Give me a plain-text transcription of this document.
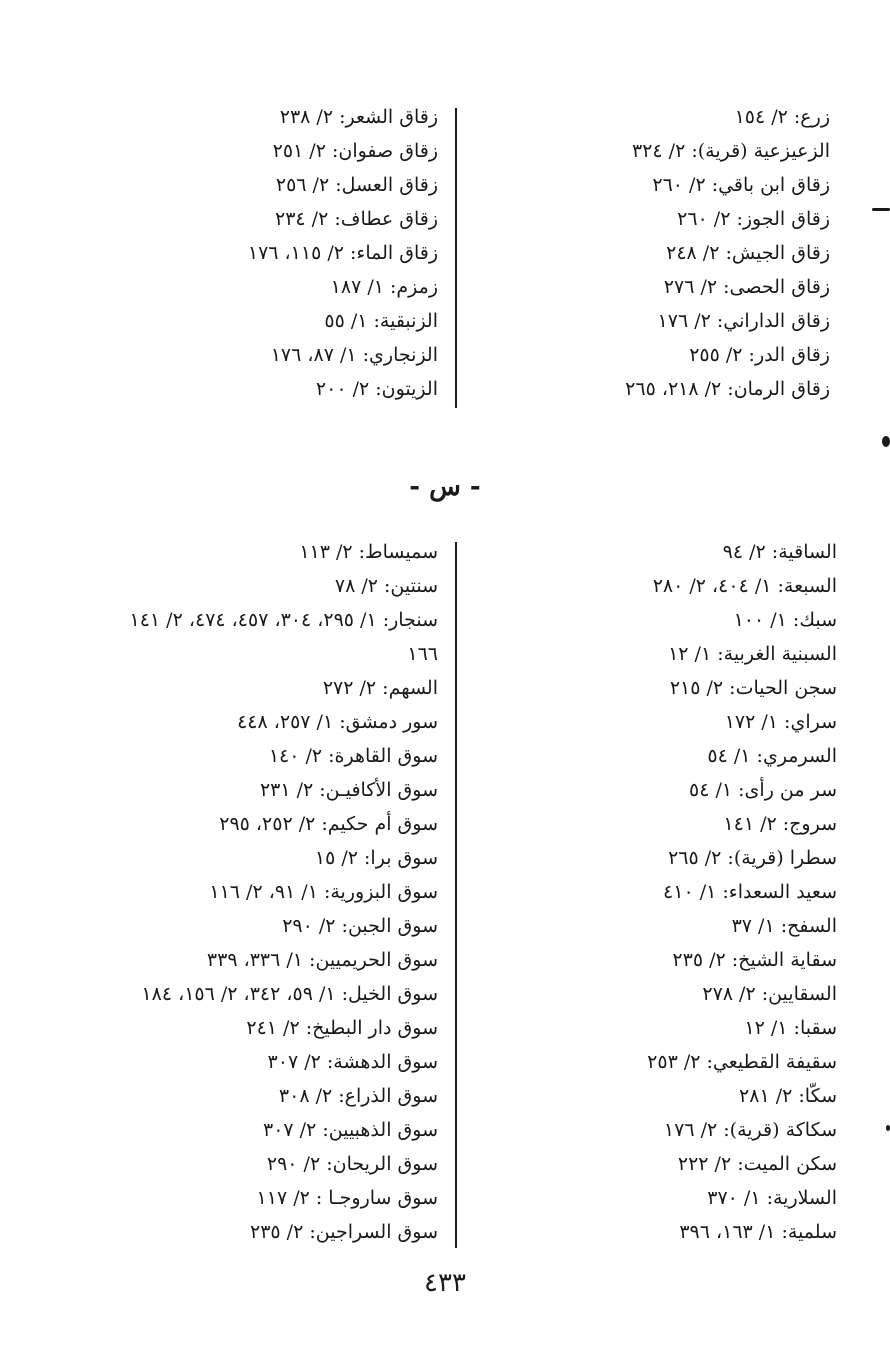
زرع: ٢/ ١٥٤
الزعيزعية (قرية): ٢/ ٣٢٤
زقاق ابن باقي: ٢/ ٢٦٠
زقاق الجوز: ٢/ ٢٦٠
زقاق الجيش: ٢/ ٢٤٨
زقاق الحصى: ٢/ ٢٧٦
زقاق الداراني: ٢/ ١٧٦
زقاق الدر: ٢/ ٢٥٥
زقاق الرمان: ٢/ ٢١٨، ٢٦٥
زقاق الشعر: ٢/ ٢٣٨
زقاق صفوان: ٢/ ٢٥١
زقاق العسل: ٢/ ٢٥٦
زقاق عطاف: ٢/ ٢٣٤
زقاق الماء: ٢/ ١١٥، ١٧٦
زمزم: ١/ ١٨٧
الزنبقية: ١/ ٥٥
الزنجاري: ١/ ٨٧، ١٧٦
الزيتون: ٢/ ٢٠٠
- س -
الساقية: ٢/ ٩٤
السبعة: ١/ ٤٠٤، ٢/ ٢٨٠
سبك: ١/ ١٠٠
السبنية الغربية: ١/ ١٢
سجن الحيات: ٢/ ٢١٥
سراي: ١/ ١٧٢
السرمري: ١/ ٥٤
سر من رأى: ١/ ٥٤
سروج: ٢/ ١٤١
سطرا (قرية): ٢/ ٢٦٥
سعيد السعداء: ١/ ٤١٠
السفح: ١/ ٣٧
سقاية الشيخ: ٢/ ٢٣٥
السقايين: ٢/ ٢٧٨
سقبا: ١/ ١٢
سقيفة القطيعي: ٢/ ٢٥٣
سكّا: ٢/ ٢٨١
سكاكة (قرية): ٢/ ١٧٦
سكن الميت: ٢/ ٢٢٢
السلارية: ١/ ٣٧٠
سلمية: ١/ ١٦٣، ٣٩٦
سميساط: ٢/ ١١٣
سنتين: ٢/ ٧٨
سنجار: ١/ ٢٩٥، ٣٠٤، ٤٥٧، ٤٧٤، ٢/ ١٤١
١٦٦
السهم: ٢/ ٢٧٢
سور دمشق: ١/ ٢٥٧، ٤٤٨
سوق القاهرة: ٢/ ١٤٠
سوق الأكافيـن: ٢/ ٢٣١
سوق أم حكيم: ٢/ ٢٥٢، ٢٩٥
سوق برا: ٢/ ١٥
سوق البزورية: ١/ ٩١، ٢/ ١١٦
سوق الجبن: ٢/ ٢٩٠
سوق الحريميين: ١/ ٣٣٦، ٣٣٩
سوق الخيل: ١/ ٥٩، ٣٤٢، ٢/ ١٥٦، ١٨٤
سوق دار البطيخ: ٢/ ٢٤١
سوق الدهشة: ٢/ ٣٠٧
سوق الذراع: ٢/ ٣٠٨
سوق الذهبيين: ٢/ ٣٠٧
سوق الريحان: ٢/ ٢٩٠
سوق ساروجـا : ٢/ ١١٧
سوق السراجين: ٢/ ٢٣٥
٤٣٣
